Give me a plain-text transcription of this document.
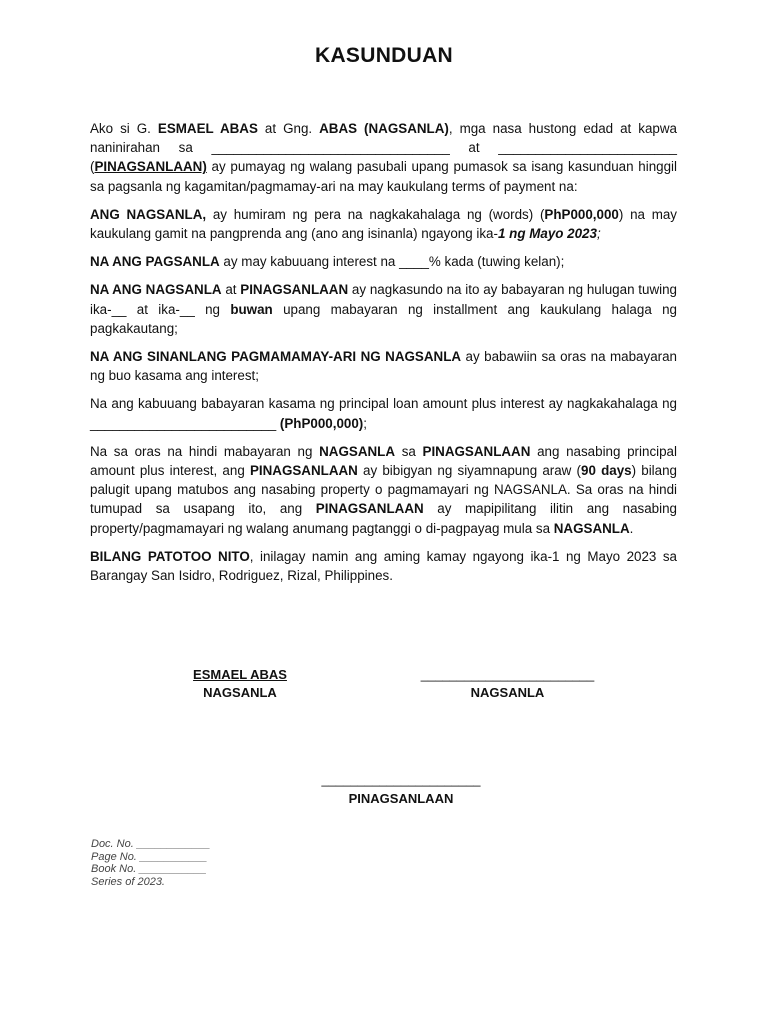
KASUNDUAN

Ako si G. ESMAEL ABAS at Gng. ABAS (NAGSANLA), mga nasa hustong edad at kapwa naninirahan sa ________________________________ at ________________________ (PINAGSANLAAN) ay pumayag ng walang pasubali upang pumasok sa isang kasunduan hinggil sa pagsanla ng kagamitan/pagmamay-ari na may kaukulang terms of payment na:

ANG NAGSANLA, ay humiram ng pera na nagkakahalaga ng (words) (PhP000,000) na may kaukulang gamit na pangprenda ang (ano ang isinanla) ngayong ika-1 ng Mayo 2023;

NA ANG PAGSANLA ay may kabuuang interest na ____% kada (tuwing kelan);

NA ANG NAGSANLA at PINAGSANLAAN ay nagkasundo na ito ay babayaran ng hulugan tuwing ika-__ at ika-__ ng buwan upang mabayaran ng installment ang kaukulang halaga ng pagkakautang;

NA ANG SINANLANG PAGMAMAMAY-ARI NG NAGSANLA ay babawiin sa oras na mabayaran ng buo kasama ang interest;

Na ang kabuuang babayaran kasama ng principal loan amount plus interest ay nagkakahalaga ng _________________________ (PhP000,000);

Na sa oras na hindi mabayaran ng NAGSANLA sa PINAGSANLAAN ang nasabing principal amount plus interest, ang PINAGSANLAAN ay bibigyan ng siyamnapung araw (90 days) bilang palugit upang matubos ang nasabing property o pagmamayari ng NAGSANLA. Sa oras na hindi tumupad sa usapang ito, ang PINAGSANLAAN ay mapipilitang ilitin ang nasabing property/pagmamayari ng walang anumang pagtanggi o di-pagpayag mula sa NAGSANLA.

BILANG PATOTOO NITO, inilagay namin ang aming kamay ngayong ika-1 ng Mayo 2023 sa Barangay San Isidro, Rodriguez, Rizal, Philippines.

ESMAEL ABAS
NAGSANLA
________________________
NAGSANLA
______________________
PINAGSANLAAN
Doc. No. ____________
Page No. ___________
Book No. ___________
Series of 2023.
